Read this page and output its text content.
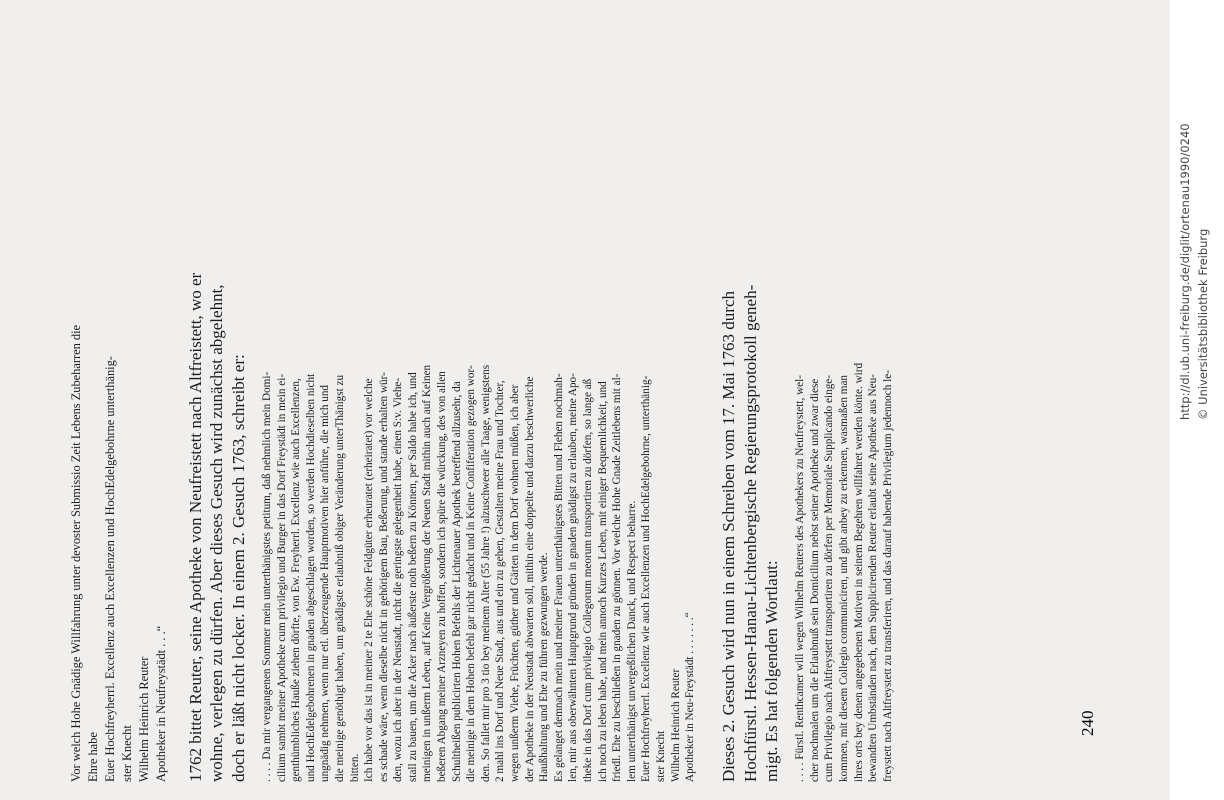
Vor welch Hohe Gnädige Willfahrung unter devoster Submissio Zeit Lebens Zubeharren die Ehre habe Euer Hochfreyherrl. Excellenz auch Excellenzen und HochEdelgebohrne unterthänig- ster Knecht Wilhelm Heinrich Reuter Apotheker in Neufreystädt . . .“ 1762 bittet Reuter, seine Apotheke von Neufreistett nach Altfreistett, wo er wohne, verlegen zu dürfen. Aber dieses Gesuch wird zunächst abgelehnt, doch er läßt nicht locker. In einem 2. Gesuch 1763, schreibt er: . . . . Da mir vergangenen Sommer mein unterthänigstes petitum, daß nehmlich mein Domi- cilium sambt meiner Apotheke cum privilegio und Burger in das Dorf Freystädt in mein ei- genthümbliches Hauße ziehen dörfte, von Ew. Freyherrl. Excellenz wie auch Excellenzen, und HochEdelgebohrenen in gnaden abgeschlagen worden, so werden Hochdieselben nicht ungnädig nehmen, wenn nur etl. überzeugende Hauptmotiven hier anführe, die mich und die meinige genöthigt haben, um gnädigste erlaubniß obiger Veränderung unterThänigst zu bitten. Ich habe vor das ist in meiner 2 te Ehe schöne Feldgüter erheuratet (erheiratet) vor welche es schade wäre, wenn dieselbe nicht in gehörigem Bau, Beßerung, und stande erhalten wür- den, wozu ich aber in der Neustadt, nicht die geringste gelegenheit habe, einen S:v. Viehe- stall zu bauen, um die Acker nach äußerste noth beßern zu Können, per Saldo habe ich, und meinigen in unßerm Leben, auf Keine Vergrößerung der Neuen Stadt mithin auch auf Keinen beßeren Abgang meiner Arzneyen zu hoffen, sondern ich spüre die würckung, des von allen Schultheißen publicirten Hohen Befehls der Lichtenauer Apothek betreffend allzusehr, da die meinige in dem Hohen befehl gar nicht gedacht und in Keine Confiferation gezogen wor- den. So fallet mir pro 3 tio bey meinem Alter (55 Jahre !) alzuschweer alle Taage, wenigstens 2 mahl ins Dorf und Neue Stadt, aus und ein zu gehen, Gestalten meine Frau und Tochter, wegen unßerm Viehe, Früchten, güther und Gärten in dem Dorf wohnen müßen, ich aber der Apotheke in der Neustadt abwarten soll, mithin eine doppelte und darzu beschwerliche Haußhaltung und Ehe zu führen gezwungen werde. Es gelanget demnach mein und meiner Frauen unterthänigstes Bitten und Flehen nochmah- len, mir aus oberwähnten Hauptgrund gründen in gnaden gnädigst zu erlauben, meine Apo- theke in das Dorf cum privilegio Collegorum meorum transportiren zu dörfen, so lange aß ich noch zu leben habe, und mein annoch Kurzes Leben, mit einiger Bequemlichkeit, und friedl. Ehe zu beschließen in gnaden zu gönnen. Vor welche Hohe Gnade Zeitlebens mit al- lem unterthänigst unvergeßlichen Danck, und Respect beharre. Euer Hochfreyherrl. Excellenz wie auch Excellenzen und HochEdelgebohrne, unterthänig- ster Knecht Wilhelm Heinrich Reuter Apotheker in Neu-Freystädt . . . . . . .“ Dieses 2. Gesuch wird nun in einem Schreiben vom 17. Mai 1763 durch Hochfürstl. Hessen-Hanau-Lichtenbergische Regierungsprotokoll geneh- migt. Es hat folgenden Wortlaut: . . . . Fürstl. Renthcamer will wegen Wilhelm Reuters des Apothekers zu Neufreystett, wel- cher nochmalen um die Erlaubnuß sein Domicilium nebst seiner Apotheke und zwar diese cum Privilegio nach Altfreystett transportiren zu dörfen per Memoriale Supplicando einge- kommen, mit diesem Collegio communiciren, und gibt anbey zu erkennen, wasmaßen man ihres orts bey denen angegebenen Motiven in seinem Begehren willfahret werden könte. wird bewandten Umbständen nach, dem Supplicirenden Reuter erlaubt seine Apotheke aus Neu- freystett nach Altfreystett zu transferiren, und das darauf habende Privilegium jedennoch le-	240
http://dl.ub.uni-freiburg.de/diglit/ortenau1990/0240 © Universitätsbibliothek Freiburg
